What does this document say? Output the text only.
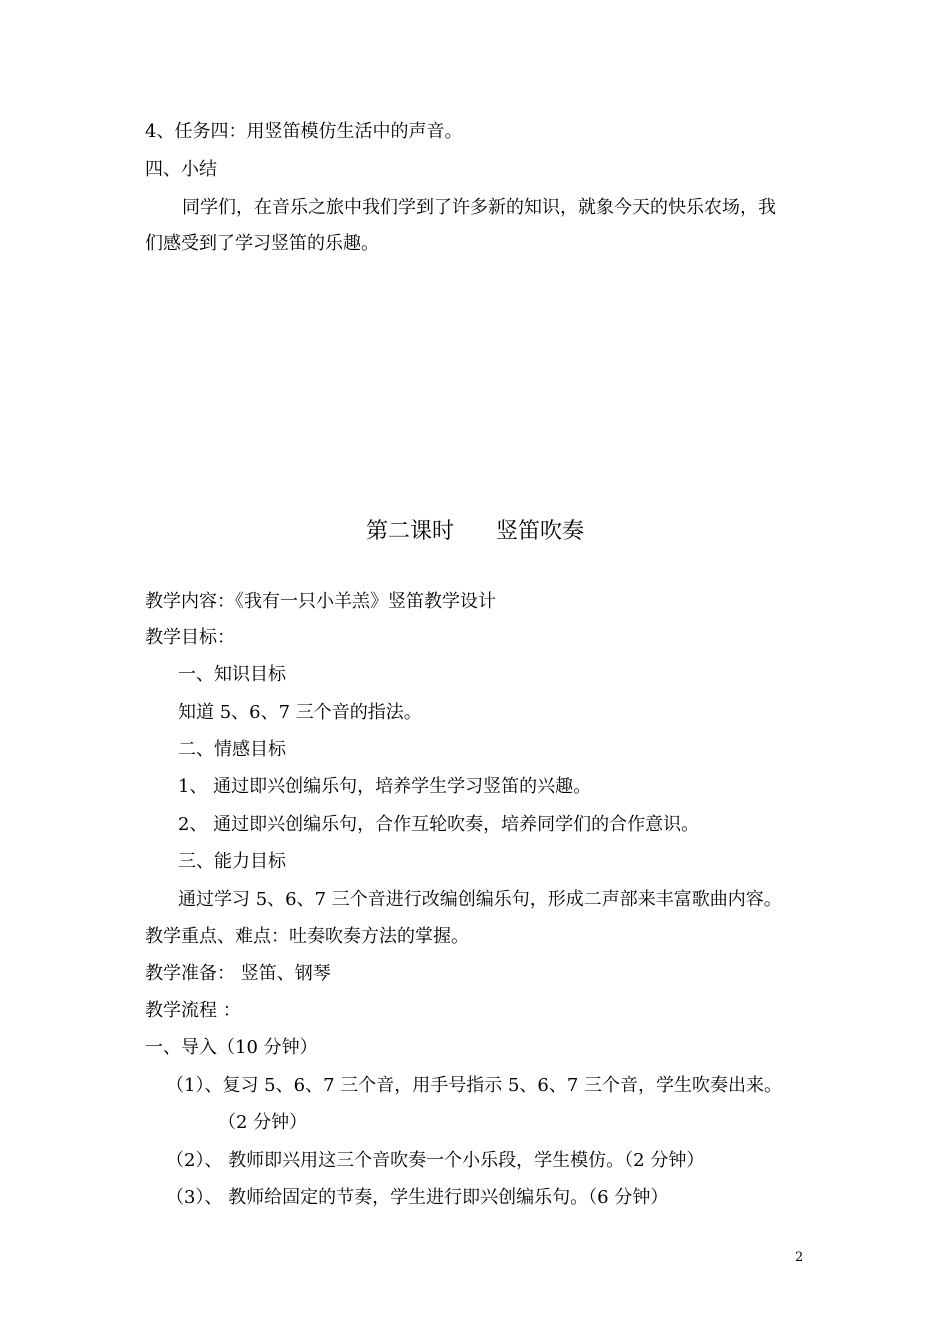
4、任务四：用竖笛模仿生活中的声音。
四、小结
同学们，在音乐之旅中我们学到了许多新的知识，就象今天的快乐农场，我
们感受到了学习竖笛的乐趣。
第二课时      竖笛吹奏
教学内容：《我有一只小羊羔》竖笛教学设计
教学目标：
一、知识目标
知道 5、6、7 三个音的指法。
二、情感目标
1、 通过即兴创编乐句，培养学生学习竖笛的兴趣。
2、 通过即兴创编乐句，合作互轮吹奏，培养同学们的合作意识。
三、能力目标
通过学习 5、6、7 三个音进行改编创编乐句，形成二声部来丰富歌曲内容。
教学重点、难点：吐奏吹奏方法的掌握。
教学准备： 竖笛、钢琴
教学流程 ：
一、导入（10 分钟）
（1）、复习 5、6、7 三个音，用手号指示 5、6、7 三个音，学生吹奏出来。
（2 分钟）
（2）、 教师即兴用这三个音吹奏一个小乐段，学生模仿。（2 分钟）
（3）、 教师给固定的节奏，学生进行即兴创编乐句。（6 分钟）
2
